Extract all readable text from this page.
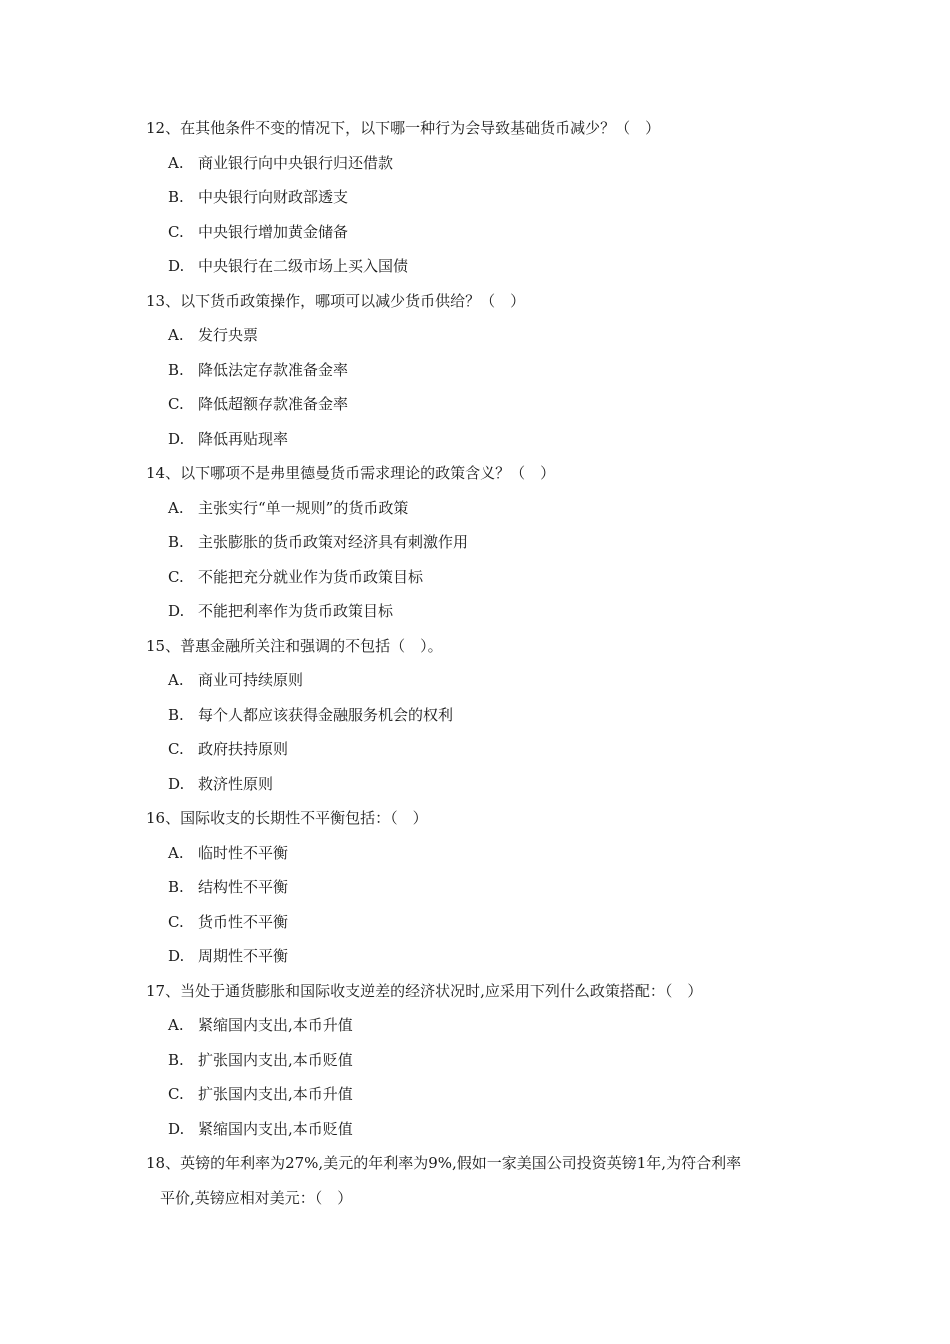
12、在其他条件不变的情况下，以下哪一种行为会导致基础货币减少？（　）
A. 商业银行向中央银行归还借款
B. 中央银行向财政部透支
C. 中央银行增加黄金储备
D. 中央银行在二级市场上买入国债
13、以下货币政策操作，哪项可以减少货币供给？（　）
A. 发行央票
B. 降低法定存款准备金率
C. 降低超额存款准备金率
D. 降低再贴现率
14、以下哪项不是弗里德曼货币需求理论的政策含义？（　）
A. 主张实行“单一规则”的货币政策
B. 主张膨胀的货币政策对经济具有刺激作用
C. 不能把充分就业作为货币政策目标
D. 不能把利率作为货币政策目标
15、普惠金融所关注和强调的不包括（　）。
A. 商业可持续原则
B. 每个人都应该获得金融服务机会的权利
C. 政府扶持原则
D. 救济性原则
16、国际收支的长期性不平衡包括：（　）
A. 临时性不平衡
B. 结构性不平衡
C. 货币性不平衡
D. 周期性不平衡
17、当处于通货膨胀和国际收支逆差的经济状况时,应采用下列什么政策搭配：（　）
A. 紧缩国内支出,本币升值
B. 扩张国内支出,本币贬值
C. 扩张国内支出,本币升值
D. 紧缩国内支出,本币贬值
18、英镑的年利率为27%,美元的年利率为9%,假如一家美国公司投资英镑1年,为符合利率
平价,英镑应相对美元：（　）
